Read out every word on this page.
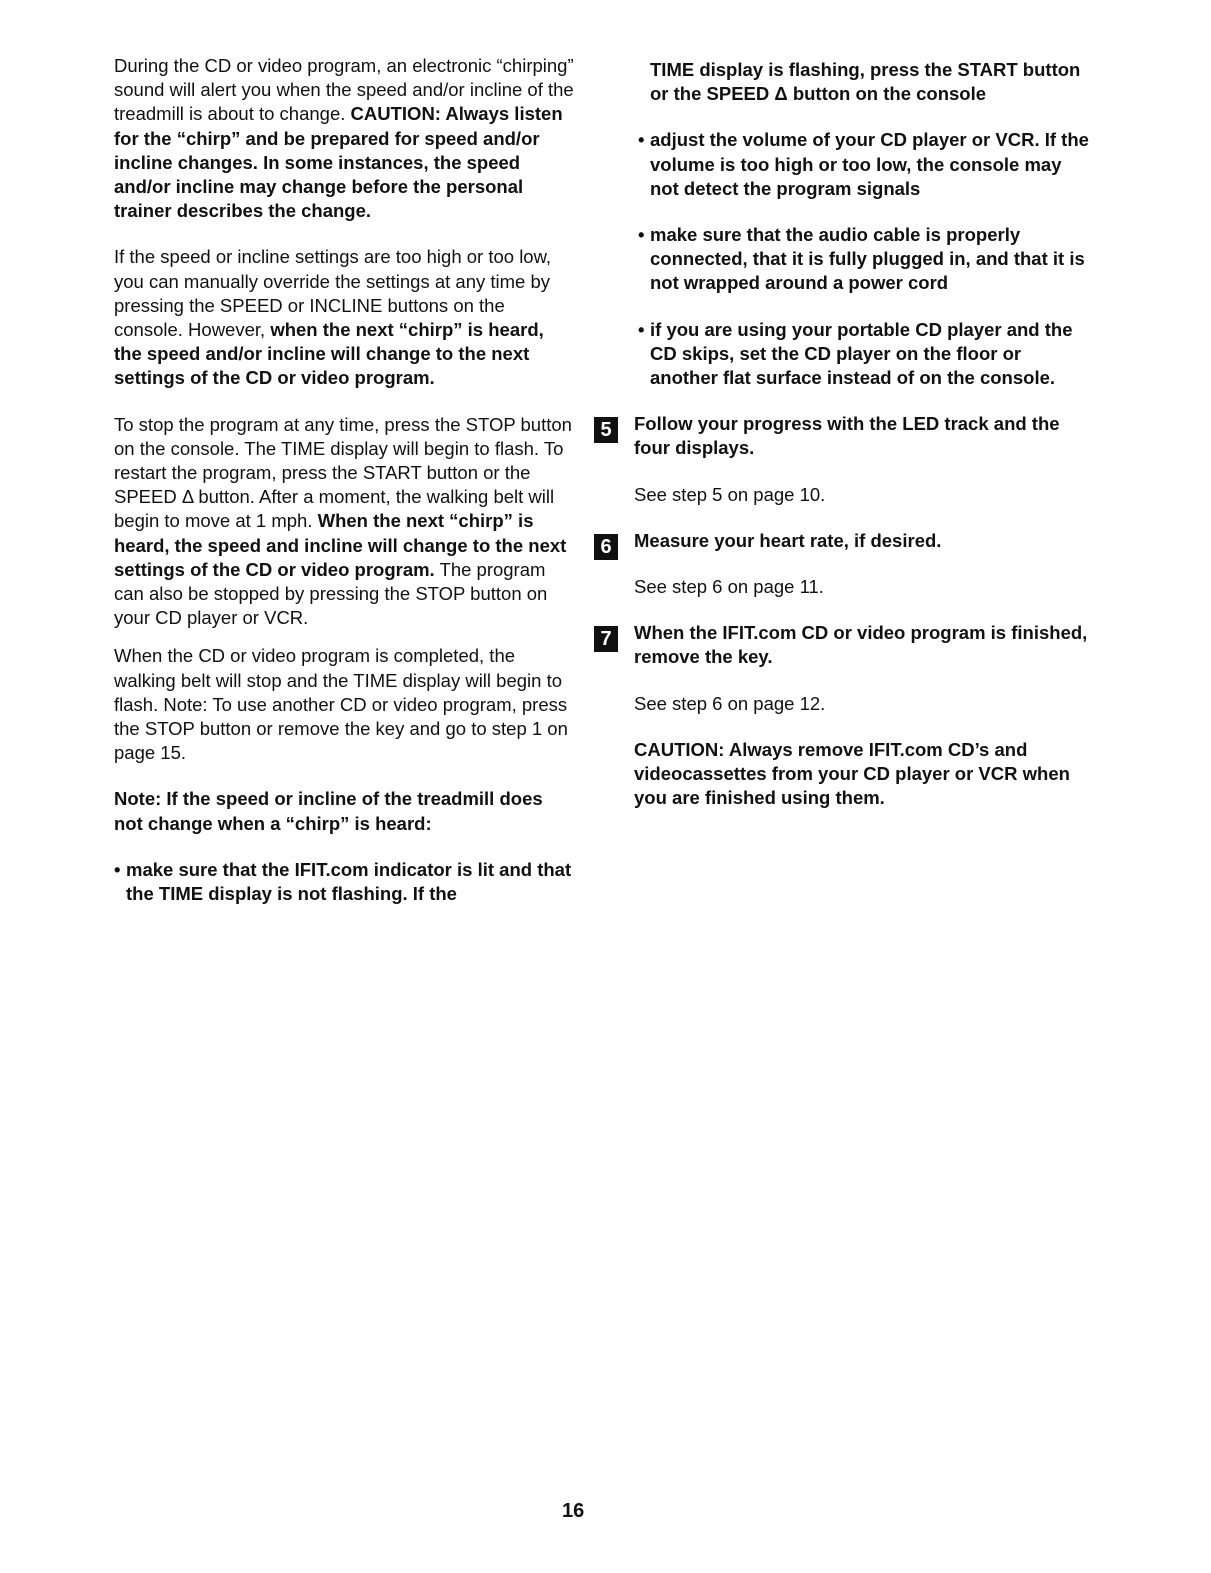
During the CD or video program, an electronic “chirping” sound will alert you when the speed and/or incline of the treadmill is about to change. CAUTION: Always listen for the “chirp” and be prepared for speed and/or incline changes. In some instances, the speed and/or incline may change before the personal trainer describes the change.

If the speed or incline settings are too high or too low, you can manually override the settings at any time by pressing the SPEED or INCLINE buttons on the console. However, when the next “chirp” is heard, the speed and/or incline will change to the next settings of the CD or video program.

To stop the program at any time, press the STOP button on the console. The TIME display will begin to flash. To restart the program, press the START button or the SPEED Δ button. After a moment, the walking belt will begin to move at 1 mph. When the next “chirp” is heard, the speed and incline will change to the next settings of the CD or video program. The program can also be stopped by pressing the STOP button on your CD player or VCR.

When the CD or video program is completed, the walking belt will stop and the TIME display will begin to flash. Note: To use another CD or video program, press the STOP button or remove the key and go to step 1 on page 15.

Note: If the speed or incline of the treadmill does not change when a “chirp” is heard:

• make sure that the IFIT.com indicator is lit and that the TIME display is not flashing. If the

TIME display is flashing, press the START button or the SPEED Δ button on the console

• adjust the volume of your CD player or VCR. If the volume is too high or too low, the console may not detect the program signals

• make sure that the audio cable is properly connected, that it is fully plugged in, and that it is not wrapped around a power cord

• if you are using your portable CD player and the CD skips, set the CD player on the floor or another flat surface instead of on the console.

5	Follow your progress with the LED track and the four displays.

See step 5 on page 10.

6	Measure your heart rate, if desired.

See step 6 on page 11.

7	When the IFIT.com CD or video program is finished, remove the key.

See step 6 on page 12.

CAUTION: Always remove IFIT.com CD’s and videocassettes from your CD player or VCR when you are finished using them.

16
